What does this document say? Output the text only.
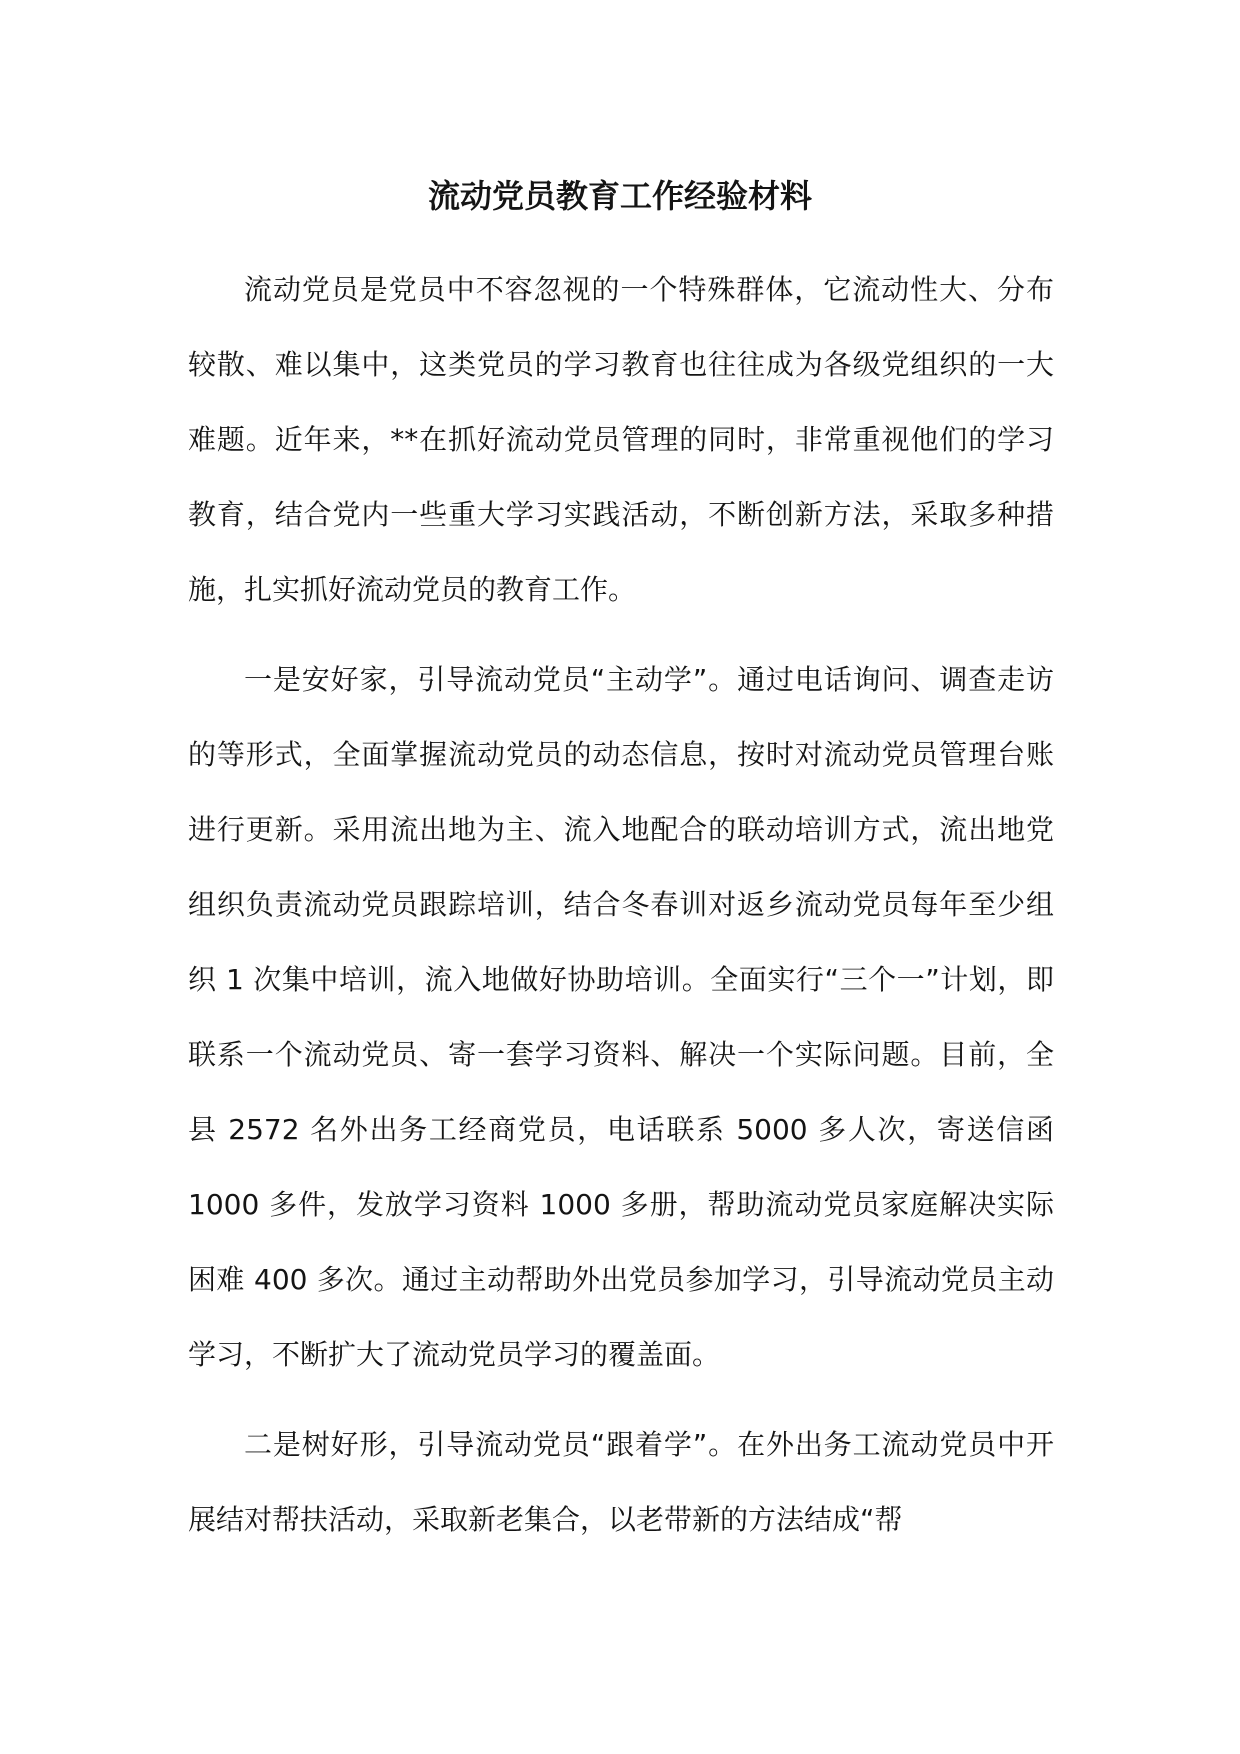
流动党员教育工作经验材料

流动党员是党员中不容忽视的一个特殊群体，它流动性大、分布较散、难以集中，这类党员的学习教育也往往成为各级党组织的一大难题。近年来，**在抓好流动党员管理的同时，非常重视他们的学习教育，结合党内一些重大学习实践活动，不断创新方法，采取多种措施，扎实抓好流动党员的教育工作。

一是安好家，引导流动党员“主动学”。通过电话询问、调查走访的等形式，全面掌握流动党员的动态信息，按时对流动党员管理台账进行更新。采用流出地为主、流入地配合的联动培训方式，流出地党组织负责流动党员跟踪培训，结合冬春训对返乡流动党员每年至少组织 1 次集中培训，流入地做好协助培训。全面实行“三个一”计划，即联系一个流动党员、寄一套学习资料、解决一个实际问题。目前，全县 2572 名外出务工经商党员，电话联系 5000 多人次，寄送信函 1000 多件，发放学习资料 1000 多册，帮助流动党员家庭解决实际困难 400 多次。通过主动帮助外出党员参加学习，引导流动党员主动学习，不断扩大了流动党员学习的覆盖面。

二是树好形，引导流动党员“跟着学”。在外出务工流动党员中开展结对帮扶活动，采取新老集合，以老带新的方法结成“帮
